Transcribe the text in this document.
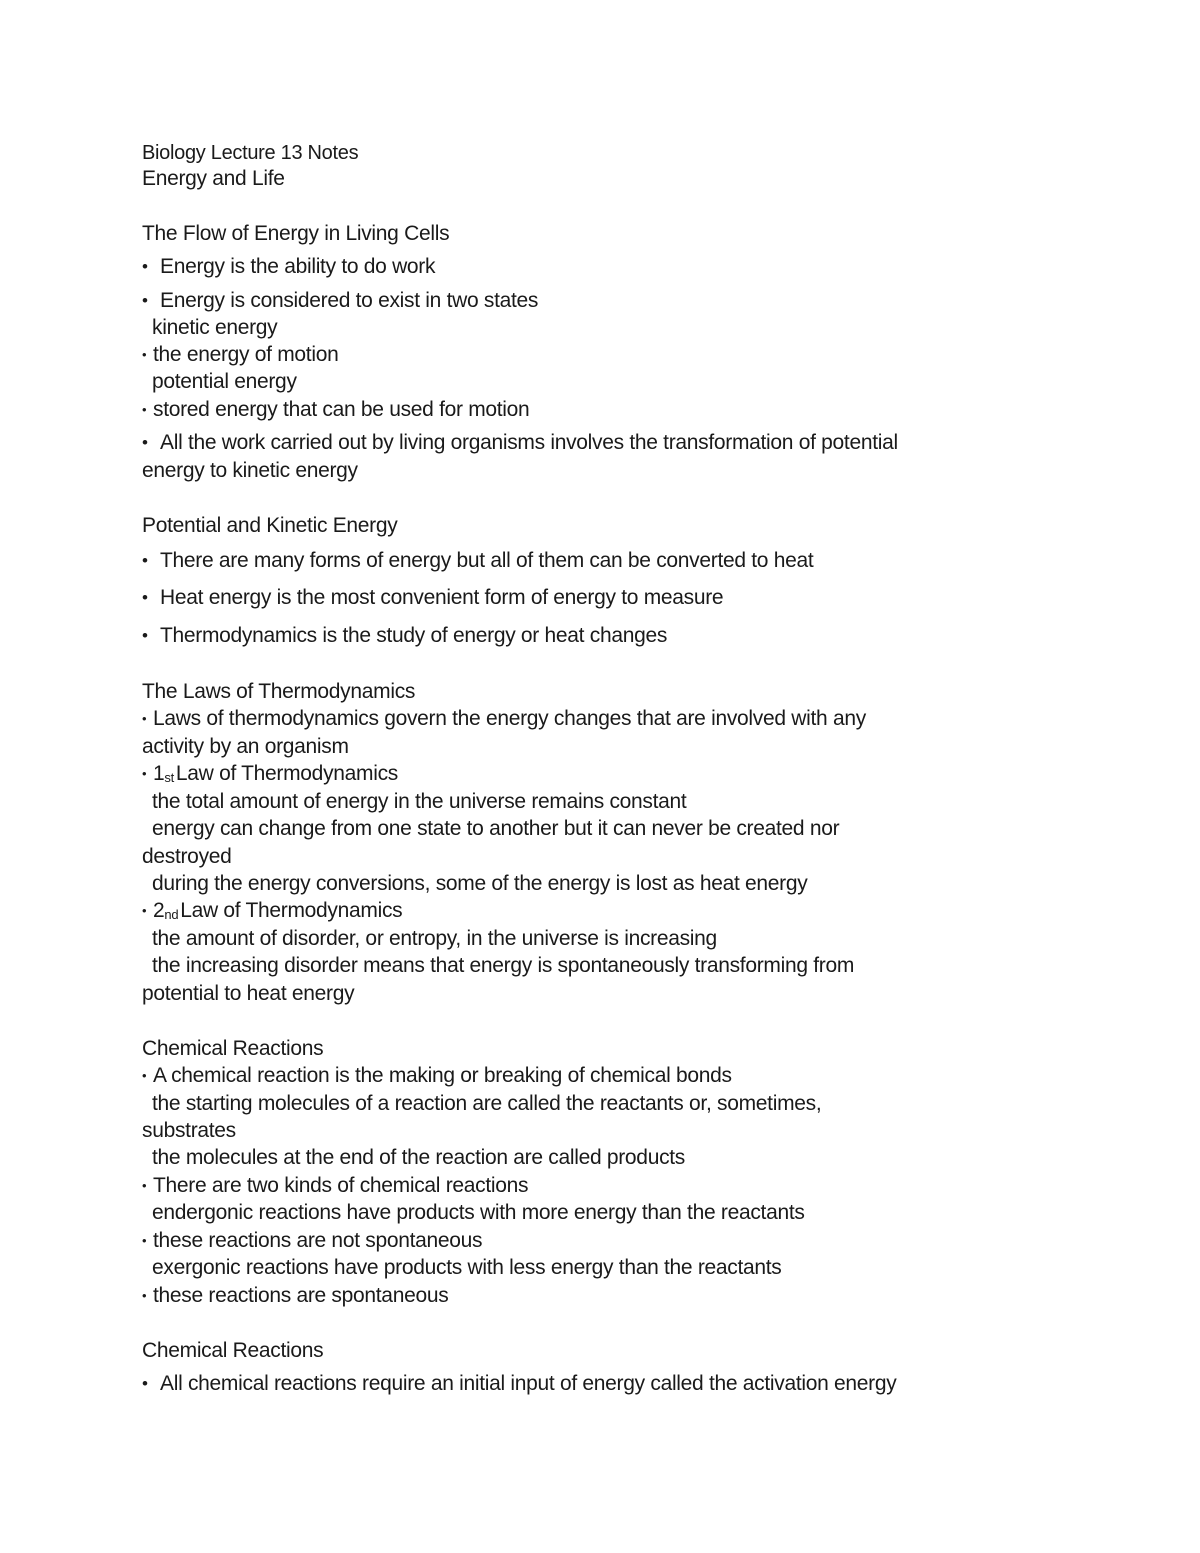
Biology Lecture 13 Notes
Energy and Life
The Flow of Energy in Living Cells
• Energy is the ability to do work
• Energy is considered to exist in two states
kinetic energy
• the energy of motion
potential energy
• stored energy that can be used for motion
• All the work carried out by living organisms involves the transformation of potential
energy to kinetic energy
Potential and Kinetic Energy
• There are many forms of energy but all of them can be converted to heat
• Heat energy is the most convenient form of energy to measure
• Thermodynamics is the study of energy or heat changes
The Laws of Thermodynamics
• Laws of thermodynamics govern the energy changes that are involved with any
activity by an organism
• $1_{st}Law$ of Thermodynamics
the total amount of energy in the universe remains constant
energy can change from one state to another but it can never be created nor
destroyed
during the energy conversions, some of the energy is lost as heat energy
• $2_{nd}Law$ of Thermodynamics
the amount of disorder, or entropy, in the universe is increasing
the increasing disorder means that energy is spontaneously transforming from
potential to heat energy
Chemical Reactions
• A chemical reaction is the making or breaking of chemical bonds
the starting molecules of a reaction are called the reactants or, sometimes,
substrates
the molecules at the end of the reaction are called products
• There are two kinds of chemical reactions
endergonic reactions have products with more energy than the reactants
• these reactions are not spontaneous
exergonic reactions have products with less energy than the reactants
• these reactions are spontaneous
Chemical Reactions
• All chemical reactions require an initial input of energy called the activation energy
